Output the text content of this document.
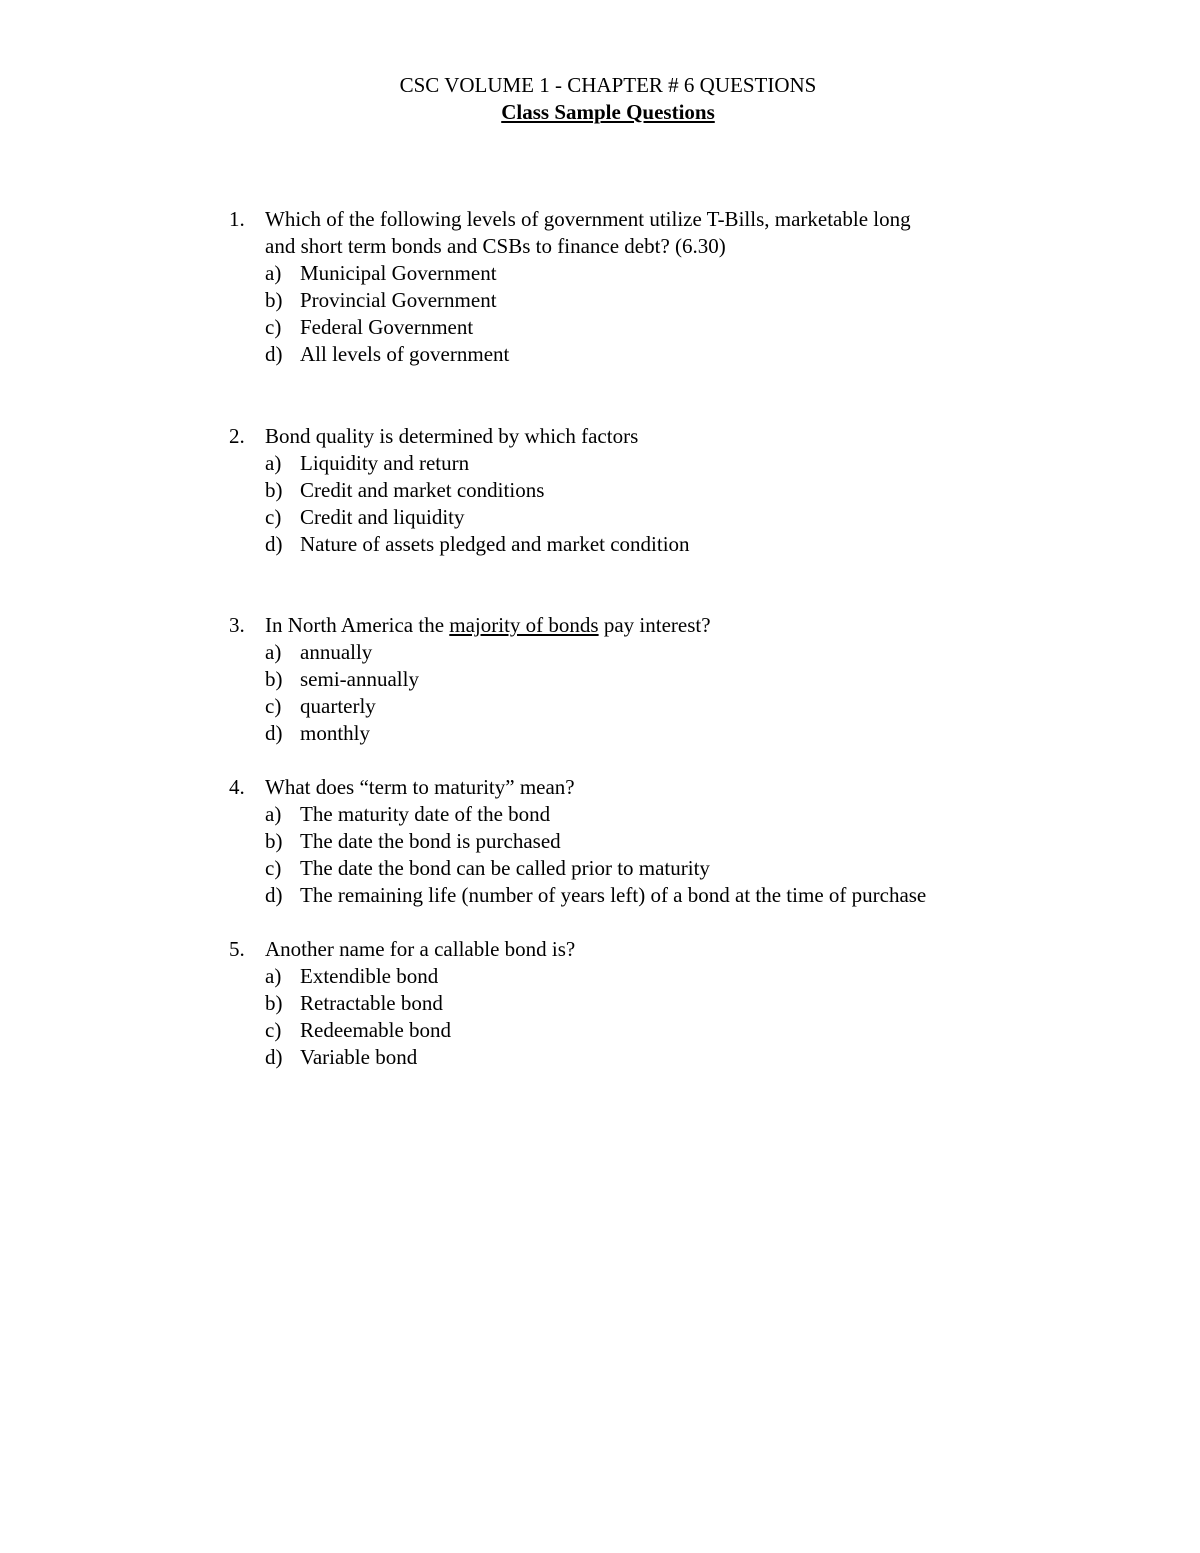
CSC VOLUME 1 - CHAPTER # 6 QUESTIONS
Class Sample Questions
1. Which of the following levels of government utilize T-Bills, marketable long
and short term bonds and CSBs to finance debt? (6.30)
a) Municipal Government
b) Provincial Government
c) Federal Government
d) All levels of government
2. Bond quality is determined by which factors
a) Liquidity and return
b) Credit and market conditions
c) Credit and liquidity
d) Nature of assets pledged and market condition
3. In North America the majority of bonds pay interest?
a) annually
b) semi-annually
c) quarterly
d) monthly
4. What does “term to maturity” mean?
a) The maturity date of the bond
b) The date the bond is purchased
c) The date the bond can be called prior to maturity
d) The remaining life (number of years left) of a bond at the time of purchase
5. Another name for a callable bond is?
a) Extendible bond
b) Retractable bond
c) Redeemable bond
d) Variable bond
